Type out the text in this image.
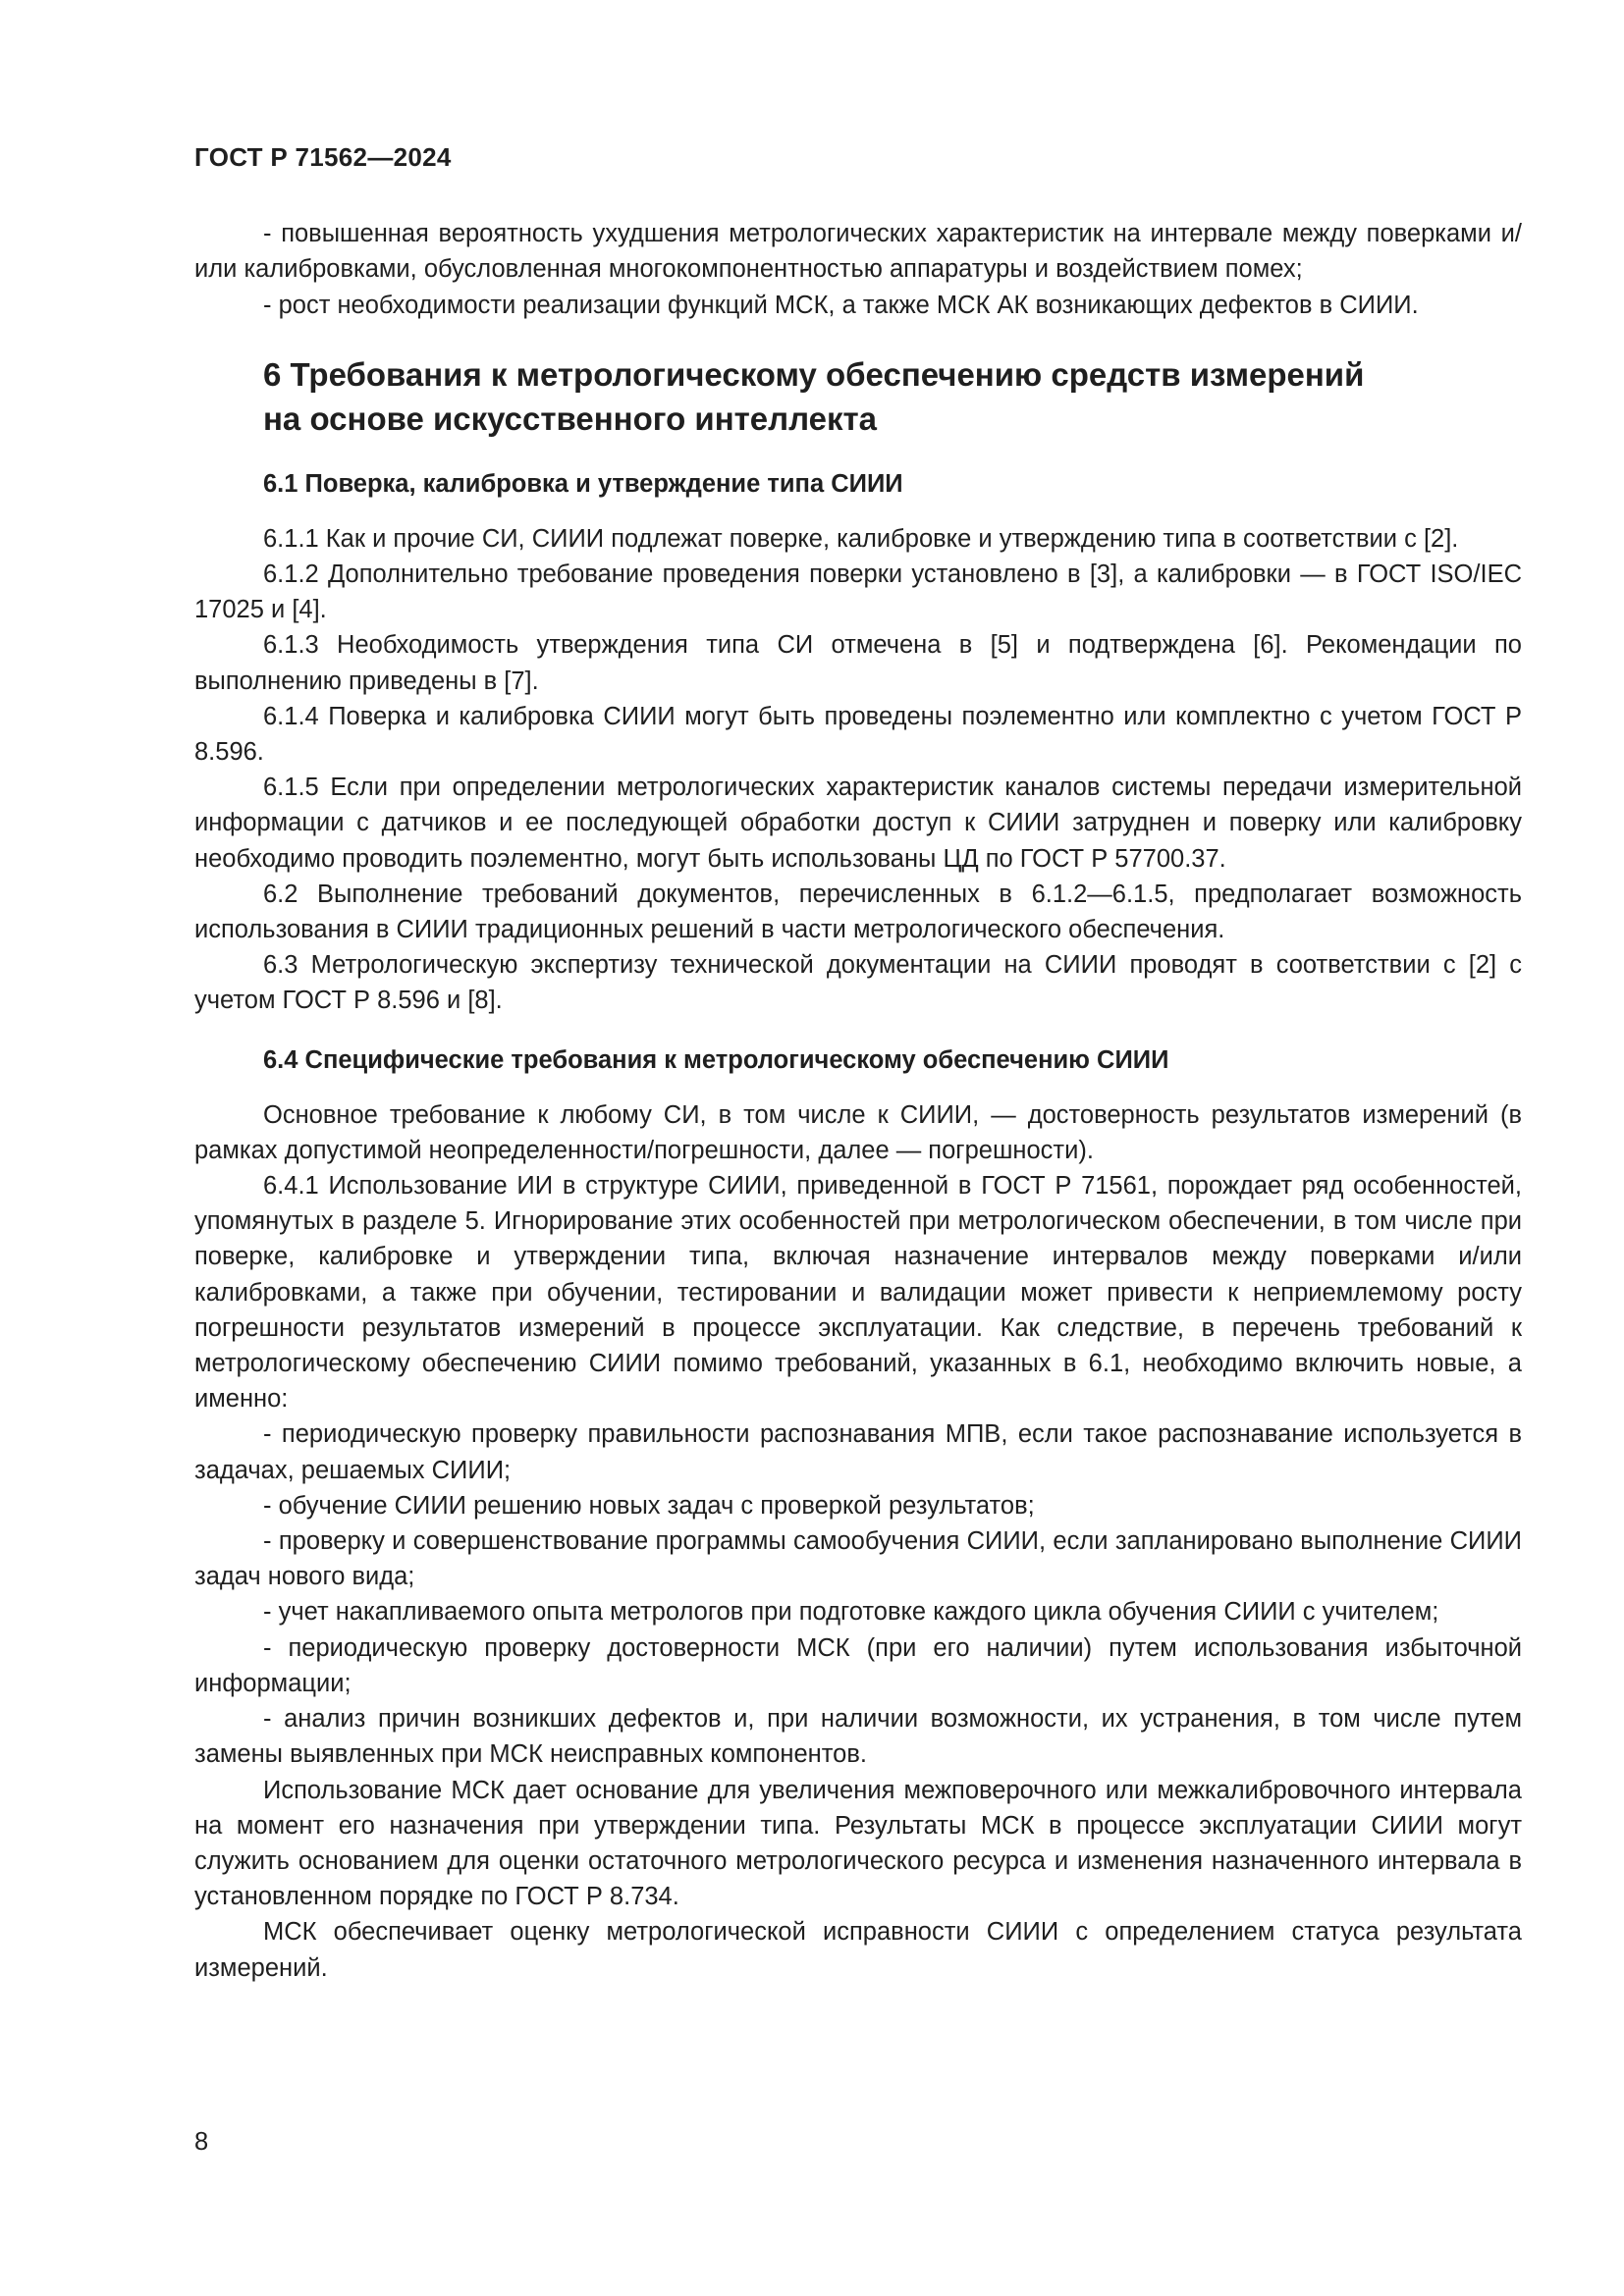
ГОСТ Р 71562—2024

- повышенная вероятность ухудшения метрологических характеристик на интервале между поверками и/или калибровками, обусловленная многокомпонентностью аппаратуры и воздействием помех;

- рост необходимости реализации функций МСК, а также МСК АК возникающих дефектов в СИИИ.

6 Требования к метрологическому обеспечению средств измерений
на основе искусственного интеллекта
6.1 Поверка, калибровка и утверждение типа СИИИ

6.1.1 Как и прочие СИ, СИИИ подлежат поверке, калибровке и утверждению типа в соответствии с [2].

6.1.2 Дополнительно требование проведения поверки установлено в [3], а калибровки — в ГОСТ ISO/IEC 17025 и [4].

6.1.3 Необходимость утверждения типа СИ отмечена в [5] и подтверждена [6]. Рекомендации по выполнению приведены в [7].

6.1.4 Поверка и калибровка СИИИ могут быть проведены поэлементно или комплектно с учетом ГОСТ Р 8.596.

6.1.5 Если при определении метрологических характеристик каналов системы передачи измерительной информации с датчиков и ее последующей обработки доступ к СИИИ затруднен и поверку или калибровку необходимо проводить поэлементно, могут быть использованы ЦД по ГОСТ Р 57700.37.

6.2 Выполнение требований документов, перечисленных в 6.1.2—6.1.5, предполагает возможность использования в СИИИ традиционных решений в части метрологического обеспечения.

6.3 Метрологическую экспертизу технической документации на СИИИ проводят в соответствии с [2] с учетом ГОСТ Р 8.596 и [8].

6.4 Специфические требования к метрологическому обеспечению СИИИ

Основное требование к любому СИ, в том числе к СИИИ, — достоверность результатов измерений (в рамках допустимой неопределенности/погрешности, далее — погрешности).

6.4.1 Использование ИИ в структуре СИИИ, приведенной в ГОСТ Р 71561, порождает ряд особенностей, упомянутых в разделе 5. Игнорирование этих особенностей при метрологическом обеспечении, в том числе при поверке, калибровке и утверждении типа, включая назначение интервалов между поверками и/или калибровками, а также при обучении, тестировании и валидации может привести к неприемлемому росту погрешности результатов измерений в процессе эксплуатации. Как следствие, в перечень требований к метрологическому обеспечению СИИИ помимо требований, указанных в 6.1, необходимо включить новые, а именно:

- периодическую проверку правильности распознавания МПВ, если такое распознавание используется в задачах, решаемых СИИИ;

- обучение СИИИ решению новых задач с проверкой результатов;

- проверку и совершенствование программы самообучения СИИИ, если запланировано выполнение СИИИ задач нового вида;

- учет накапливаемого опыта метрологов при подготовке каждого цикла обучения СИИИ с учителем;

- периодическую проверку достоверности МСК (при его наличии) путем использования избыточной информации;

- анализ причин возникших дефектов и, при наличии возможности, их устранения, в том числе путем замены выявленных при МСК неисправных компонентов.

Использование МСК дает основание для увеличения межповерочного или межкалибровочного интервала на момент его назначения при утверждении типа. Результаты МСК в процессе эксплуатации СИИИ могут служить основанием для оценки остаточного метрологического ресурса и изменения назначенного интервала в установленном порядке по ГОСТ Р 8.734.

МСК обеспечивает оценку метрологической исправности СИИИ с определением статуса результата измерений.

8
